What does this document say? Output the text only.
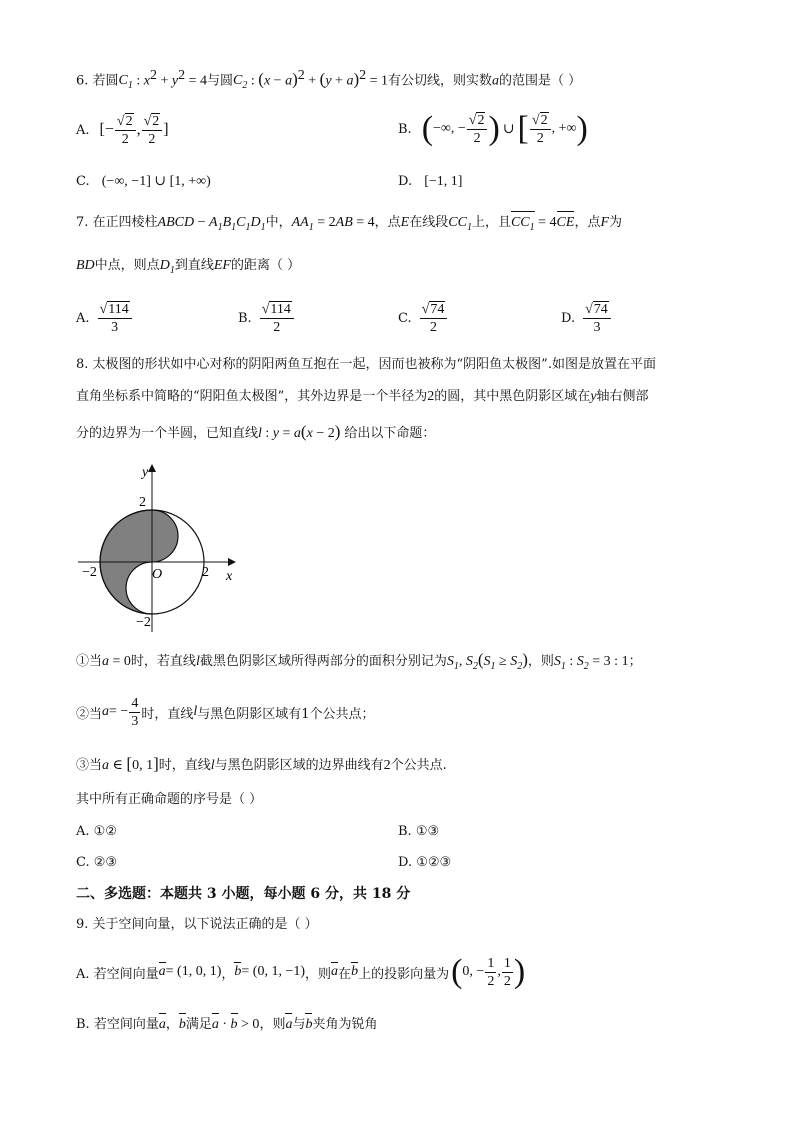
6. 若圆$C_1$ : $x^2 + y^2 = 4$与圆$C_2$ : $(x - a)^2 + (y + a)^2 = 1$有公切线，则实数a的范围是（ ）
A. [− $\frac{√2}{2}$ , $\frac{√2}{2}$ ]	B. ( −∞, − $\frac{√2}{2}$ ) ∪ [ $\frac{√2}{2}$ , +∞ )
C. (−∞, −1] ∪ [1, +∞)	D. [−1, 1]
7. 在正四棱柱ABCD − $A_1B_1C_1D_1$中，$AA_1 = 2AB = 4$，点E在线段$CC_1$上，且$CC_1 = 4CE$，点F为
BD中点，则点$D_1$到直线EF的距离（ ）
A. $\frac{√114}{3}$	B. $\frac{√114}{2}$	C. $\frac{√74}{2}$	D. $\frac{√74}{3}$
8. 太极图的形状如中心对称的阴阳两鱼互抱在一起，因而也被称为“阴阳鱼太极图”.如图是放置在平面
直角坐标系中简略的“阴阳鱼太极图”，其外边界是一个半径为2的圆，其中黑色阴影区域在y轴右侧部
分的边界为一个半圆，已知直线l : y = a(x − 2) 给出以下命题：
y
x
O
2
−2
−2	2
①当a = 0时，若直线l截黑色阴影区域所得两部分的面积分别记为$S_1$, $S_2(S_1 \ge S_2)$，则$S_1$ : $S_2 = 3$ : 1；
②当 a = − $\frac{4}{3}$ 时，直线 l 与黑色阴影区域有1个公共点；
③当a ∈ [0, 1]时，直线l与黑色阴影区域的边界曲线有2个公共点.
其中所有正确命题的序号是（ ）
A. ①②	B. ①③
C. ②③	D. ①②③
二、多选题：本题共 3 小题，每小题 6 分，共 18 分
9. 关于空间向量，以下说法正确的是（ ）
A. 若空间向量 a = (1, 0, 1) ， b = (0, 1, −1) ，则 a 在 b 上的投影向量为 ( 0, − $\frac{1}{2}$ , $\frac{1}{2}$ )
B. 若空间向量a，b满足a · b > 0，则a与b夹角为锐角
